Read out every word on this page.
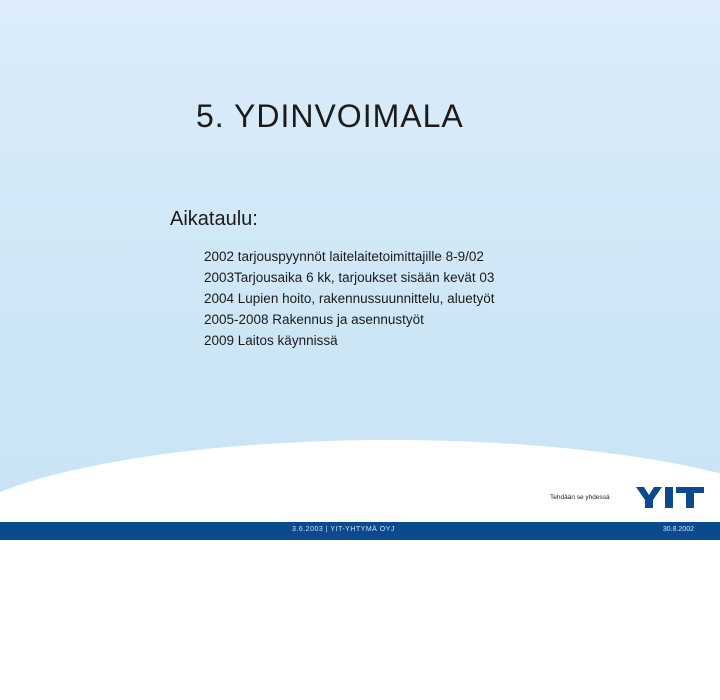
5. YDINVOIMALA
Aikataulu:
2002 tarjouspyynnöt laitelaitetoimittajille 8-9/02
2003Tarjousaika 6 kk, tarjoukset sisään kevät 03
2004 Lupien hoito, rakennussuunnittelu, aluetyöt
2005-2008 Rakennus ja asennustyöt
2009 Laitos käynnissä
Tehdään se yhdessä
3.6.2003 | YIT-YHTYMÄ OYJ	30.8.2002
